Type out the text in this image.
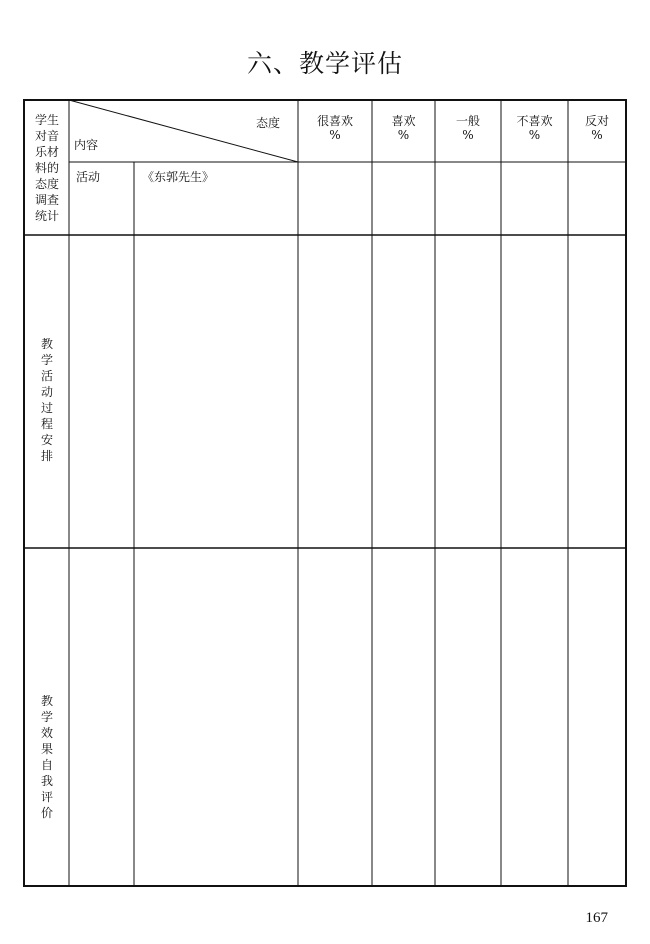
六、教学评估
学生
对音
乐材
料的
态度
调查
统计
态度
内容
很喜欢
%
喜欢
%
一般
%
不喜欢
%
反对
%
活动	《东郭先生》
教
学
活
动
过
程
安
排
教
学
效
果
自
我
评
价
167
